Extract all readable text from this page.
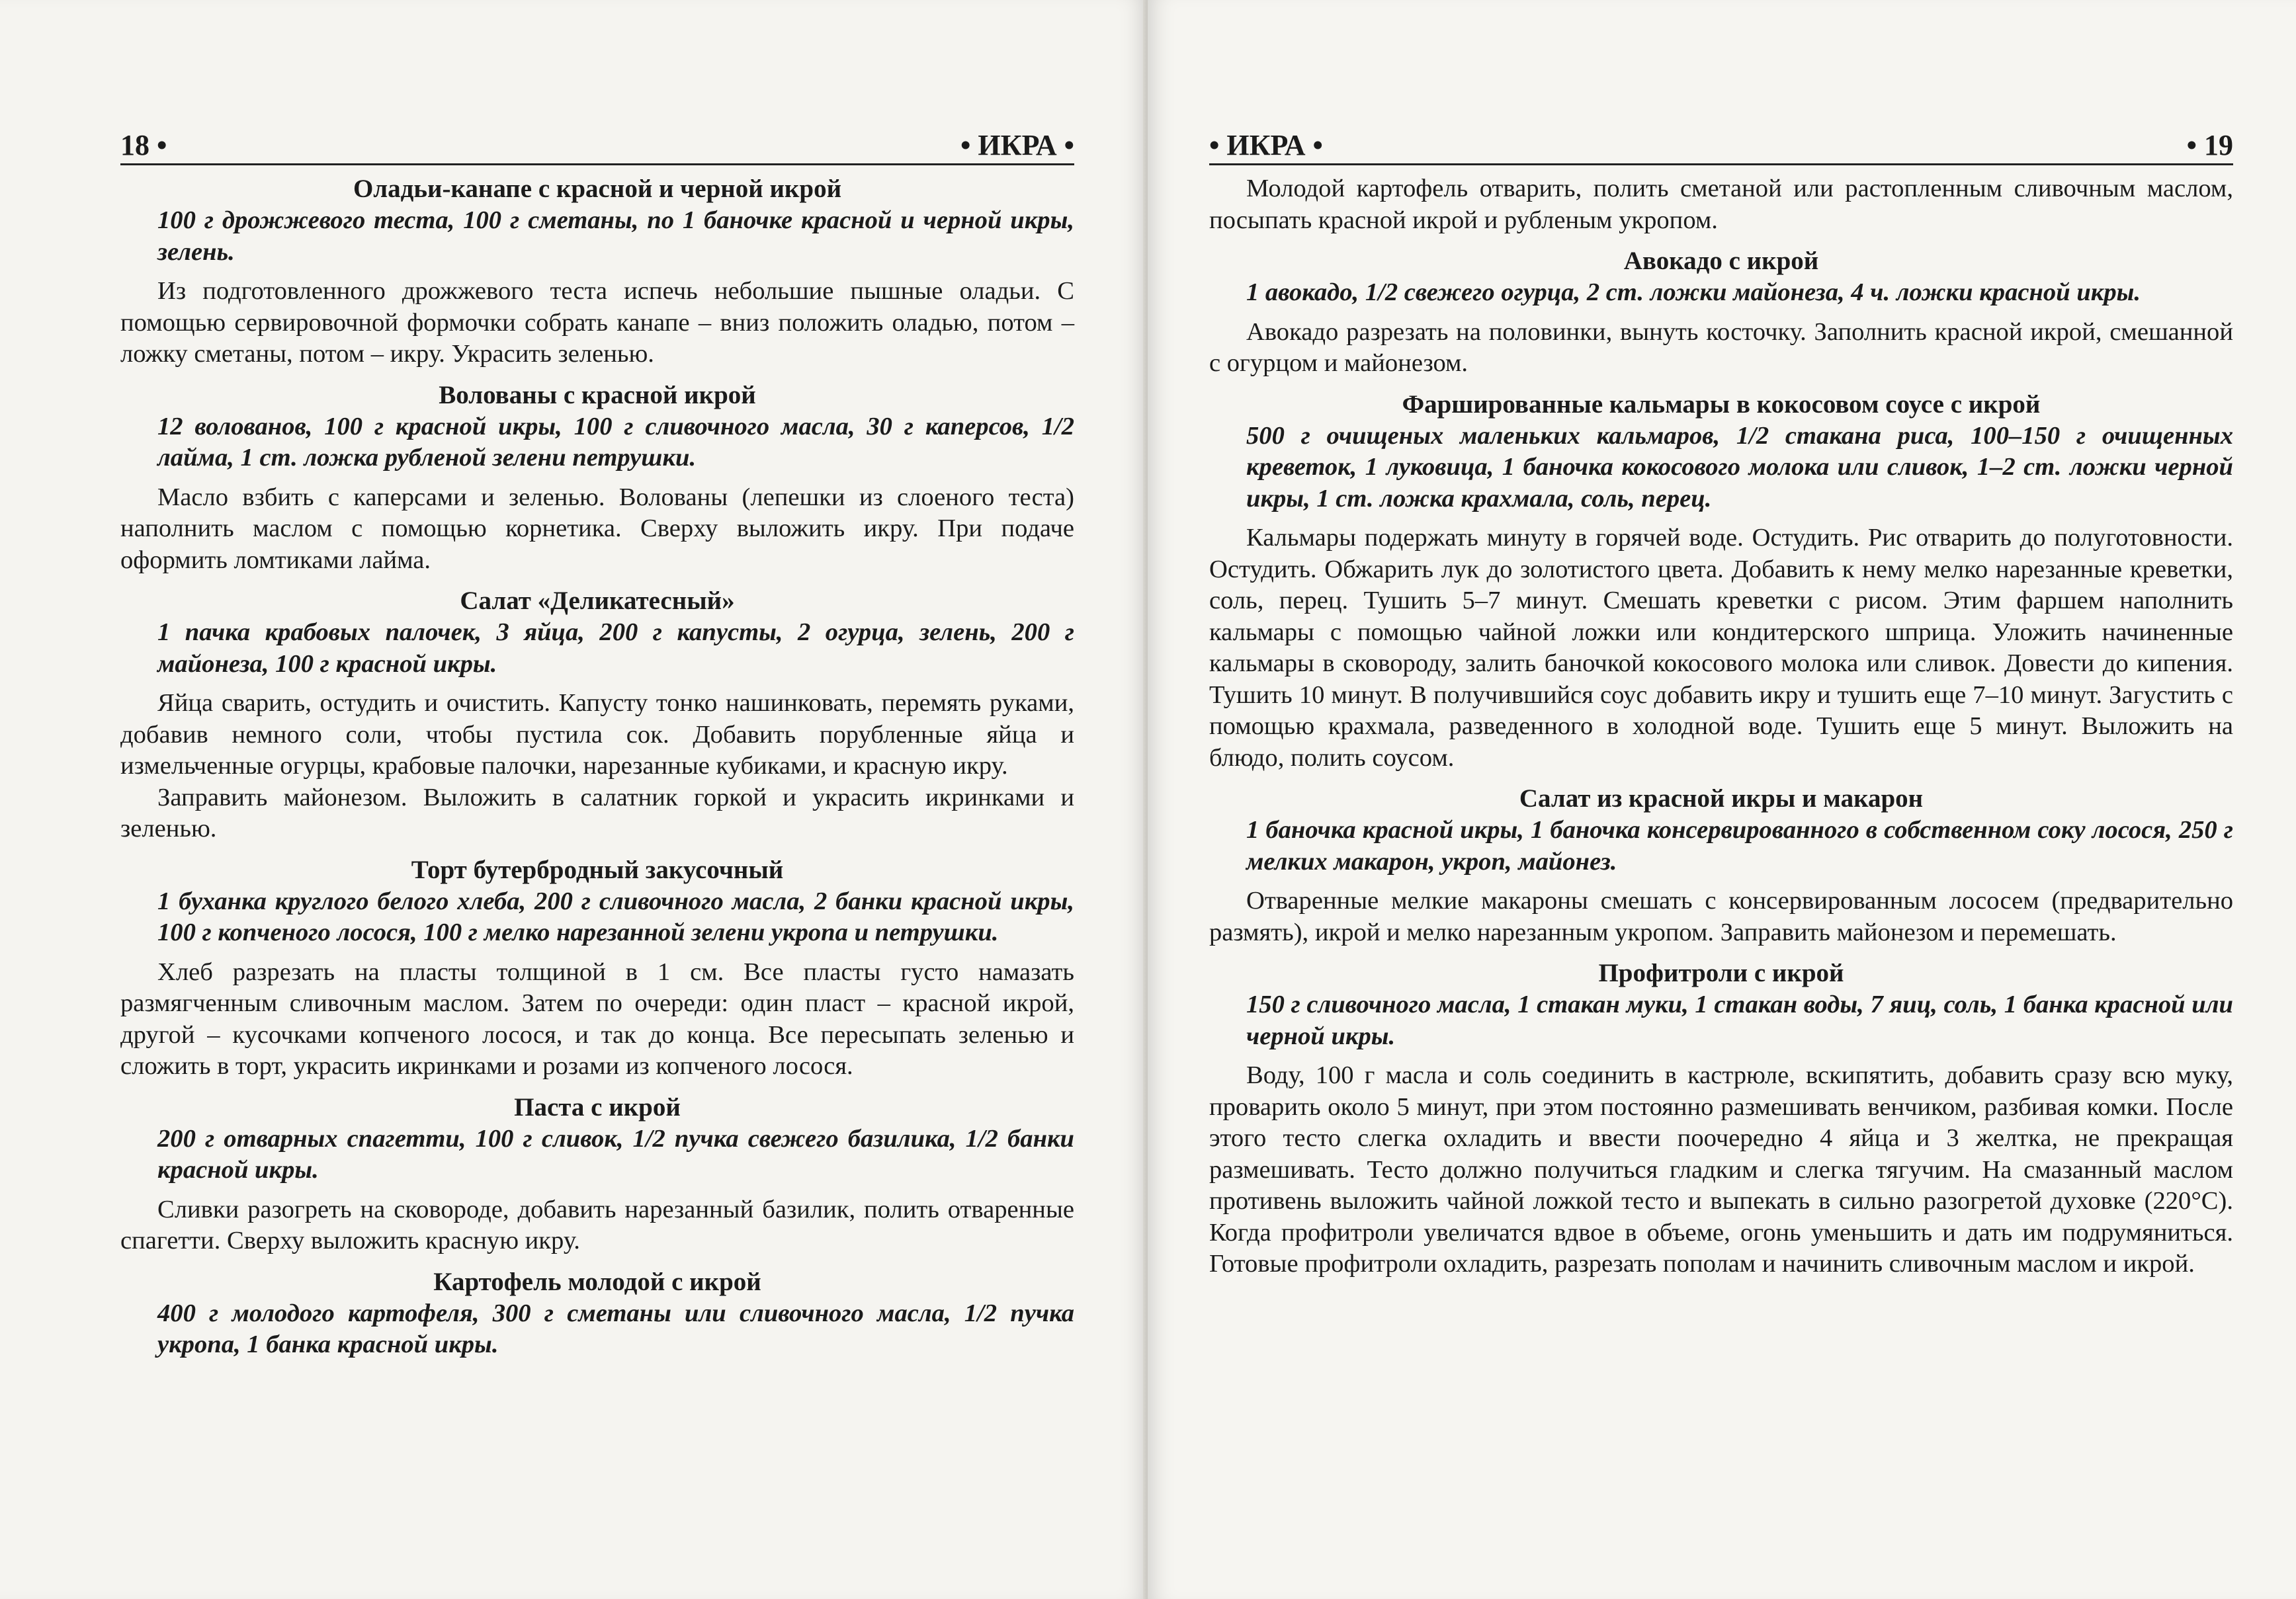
18 •	• ИКРА •

Оладьи-канапе с красной и черной икрой

100 г дрожжевого теста, 100 г сметаны, по 1 баночке красной и черной икры, зелень.

Из подготовленного дрожжевого теста испечь небольшие пышные оладьи. С помощью сервировочной формочки собрать канапе – вниз положить оладью, потом – ложку сметаны, потом – икру. Украсить зеленью.

Волованы с красной икрой

12 волованов, 100 г красной икры, 100 г сливочного масла, 30 г каперсов, 1/2 лайма, 1 ст. ложка рубленой зелени петрушки.

Масло взбить с каперсами и зеленью. Волованы (лепешки из слоеного теста) наполнить маслом с помощью корнетика. Сверху выложить икру. При подаче оформить ломтиками лайма.

Салат «Деликатесный»

1 пачка крабовых палочек, 3 яйца, 200 г капусты, 2 огурца, зелень, 200 г майонеза, 100 г красной икры.

Яйца сварить, остудить и очистить. Капусту тонко нашинковать, перемять руками, добавив немного соли, чтобы пустила сок. Добавить порубленные яйца и измельченные огурцы, крабовые палочки, нарезанные кубиками, и красную икру.

Заправить майонезом. Выложить в салатник горкой и украсить икринками и зеленью.

Торт бутербродный закусочный

1 буханка круглого белого хлеба, 200 г сливочного масла, 2 банки красной икры, 100 г копченого лосося, 100 г мелко нарезанной зелени укропа и петрушки.

Хлеб разрезать на пласты толщиной в 1 см. Все пласты густо намазать размягченным сливочным маслом. Затем по очереди: один пласт – красной икрой, другой – кусочками копченого лосося, и так до конца. Все пересыпать зеленью и сложить в торт, украсить икринками и розами из копченого лосося.

Паста с икрой

200 г отварных спагетти, 100 г сливок, 1/2 пучка свежего базилика, 1/2 банки красной икры.

Сливки разогреть на сковороде, добавить нарезанный базилик, полить отваренные спагетти. Сверху выложить красную икру.

Картофель молодой с икрой

400 г молодого картофеля, 300 г сметаны или сливочного масла, 1/2 пучка укропа, 1 банка красной икры.

• ИКРА •	• 19

Молодой картофель отварить, полить сметаной или растопленным сливочным маслом, посыпать красной икрой и рубленым укропом.

Авокадо с икрой

1 авокадо, 1/2 свежего огурца, 2 ст. ложки майонеза, 4 ч. ложки красной икры.

Авокадо разрезать на половинки, вынуть косточку. Заполнить красной икрой, смешанной с огурцом и майонезом.

Фаршированные кальмары в кокосовом соусе с икрой

500 г очищеных маленьких кальмаров, 1/2 стакана риса, 100–150 г очищенных креветок, 1 луковица, 1 баночка кокосового молока или сливок, 1–2 ст. ложки черной икры, 1 ст. ложка крахмала, соль, перец.

Кальмары подержать минуту в горячей воде. Остудить. Рис отварить до полуготовности. Остудить. Обжарить лук до золотистого цвета. Добавить к нему мелко нарезанные креветки, соль, перец. Тушить 5–7 минут. Смешать креветки с рисом. Этим фаршем наполнить кальмары с помощью чайной ложки или кондитерского шприца. Уложить начиненные кальмары в сковороду, залить баночкой кокосового молока или сливок. Довести до кипения. Тушить 10 минут. В получившийся соус добавить икру и тушить еще 7–10 минут. Загустить с помощью крахмала, разведенного в холодной воде. Тушить еще 5 минут. Выложить на блюдо, полить соусом.

Салат из красной икры и макарон

1 баночка красной икры, 1 баночка консервированного в собственном соку лосося, 250 г мелких макарон, укроп, майонез.

Отваренные мелкие макароны смешать с консервированным лососем (предварительно размять), икрой и мелко нарезанным укропом. Заправить майонезом и перемешать.

Профитроли с икрой

150 г сливочного масла, 1 стакан муки, 1 стакан воды, 7 яиц, соль, 1 банка красной или черной икры.

Воду, 100 г масла и соль соединить в кастрюле, вскипятить, добавить сразу всю муку, проварить около 5 минут, при этом постоянно размешивать венчиком, разбивая комки. После этого тесто слегка охладить и ввести поочередно 4 яйца и 3 желтка, не прекращая размешивать. Тесто должно получиться гладким и слегка тягучим. На смазанный маслом противень выложить чайной ложкой тесто и выпекать в сильно разогретой духовке (220°С). Когда профитроли увеличатся вдвое в объеме, огонь уменьшить и дать им подрумяниться. Готовые профитроли охладить, разрезать пополам и начинить сливочным маслом и икрой.
